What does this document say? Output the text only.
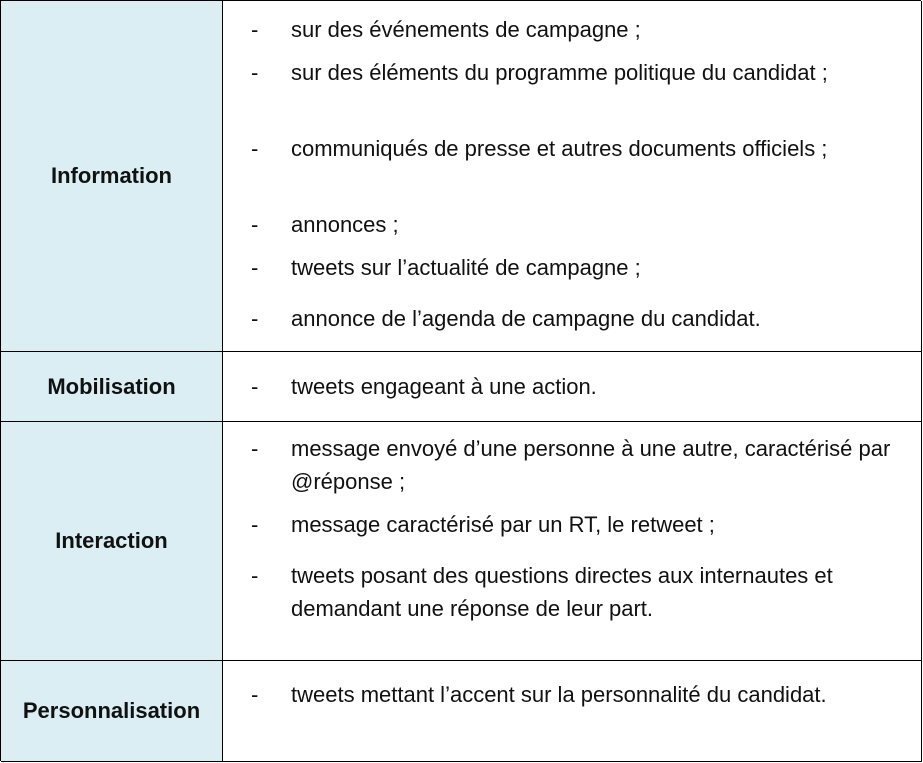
Information
- sur des événements de campagne ;
- sur des éléments du programme politique du candidat ;
- communiqués de presse et autres documents officiels ;
- annonces ;
- tweets sur l’actualité de campagne ;
- annonce de l’agenda de campagne du candidat.
Mobilisation	- tweets engageant à une action.
Interaction
- message envoyé d’une personne à une autre, caractérisé par @réponse ;
- message caractérisé par un RT, le retweet ;
- tweets posant des questions directes aux internautes et demandant une réponse de leur part.
Personnalisation
- tweets mettant l’accent sur la personnalité du candidat.
